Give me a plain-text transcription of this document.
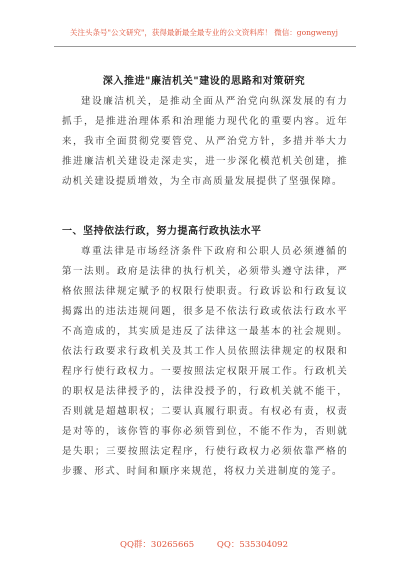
关注头条号"公文研究"，获得最新最全最专业的公文资料库！ 微信：gongwenyj
深入推进"廉洁机关"建设的思路和对策研究
建设廉洁机关，是推动全面从严治党向纵深发展的有力抓手，是推进治理体系和治理能力现代化的重要内容。近年来，我市全面贯彻党要管党、从严治党方针，多措并举大力推进廉洁机关建设走深走实，进一步深化模范机关创建，推动机关建设提质增效，为全市高质量发展提供了坚强保障。
一、坚持依法行政，努力提高行政执法水平
尊重法律是市场经济条件下政府和公职人员必须遵循的第一法则。政府是法律的执行机关，必须带头遵守法律，严格依照法律规定赋予的权限行使职责。行政诉讼和行政复议揭露出的违法违规问题，很多是不依法行政或依法行政水平不高造成的，其实质是违反了法律这一最基本的社会规则。依法行政要求行政机关及其工作人员依照法律规定的权限和程序行使行政权力。一要按照法定权限开展工作。行政机关的职权是法律授予的，法律没授予的，行政机关就不能干，否则就是超越职权；二要认真履行职责。有权必有责，权责是对等的，该你管的事你必须管到位，不能不作为，否则就是失职；三要按照法定程序，行使行政权力必须依靠严格的步骤、形式、时间和顺序来规范，将权力关进制度的笼子。
QQ群：30265665	QQ：535304092
